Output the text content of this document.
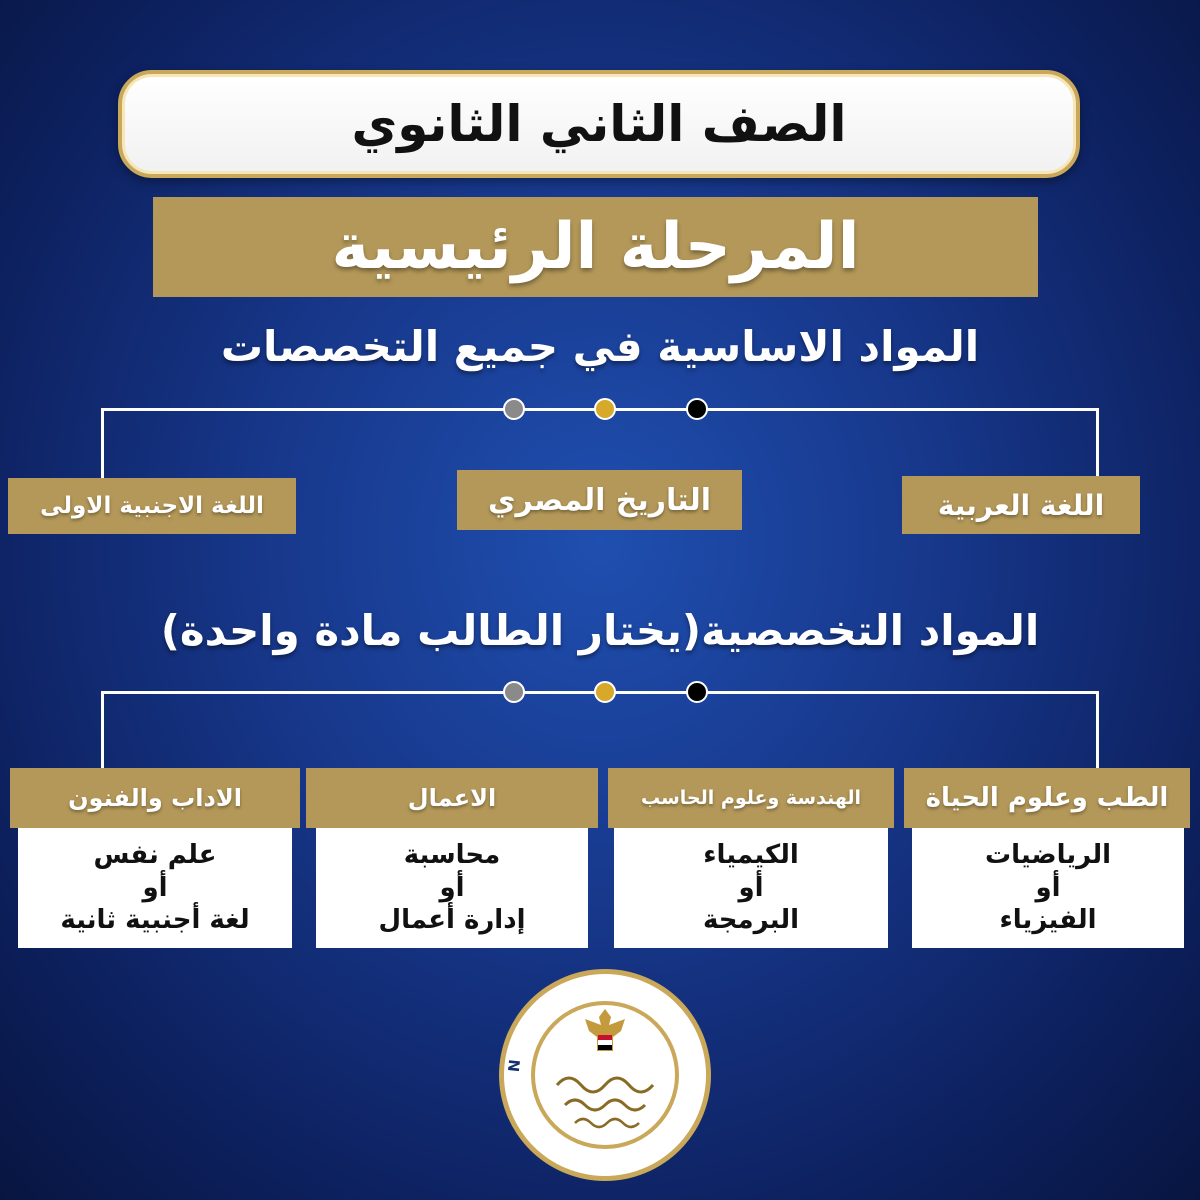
الصف الثاني الثانوي
المرحلة الرئيسية
المواد الاساسية في جميع التخصصات
اللغة العربية
التاريخ المصري
اللغة الاجنبية الاولى
المواد التخصصية(يختار الطالب مادة واحدة)
الطب وعلوم الحياة
الرياضيات
أو
الفيزياء
الهندسة وعلوم الحاسب
الكيمياء
أو
البرمجة
الاعمال
محاسبة
أو
إدارة أعمال
الاداب والفنون
علم نفس
أو
لغة أجنبية ثانية
N
